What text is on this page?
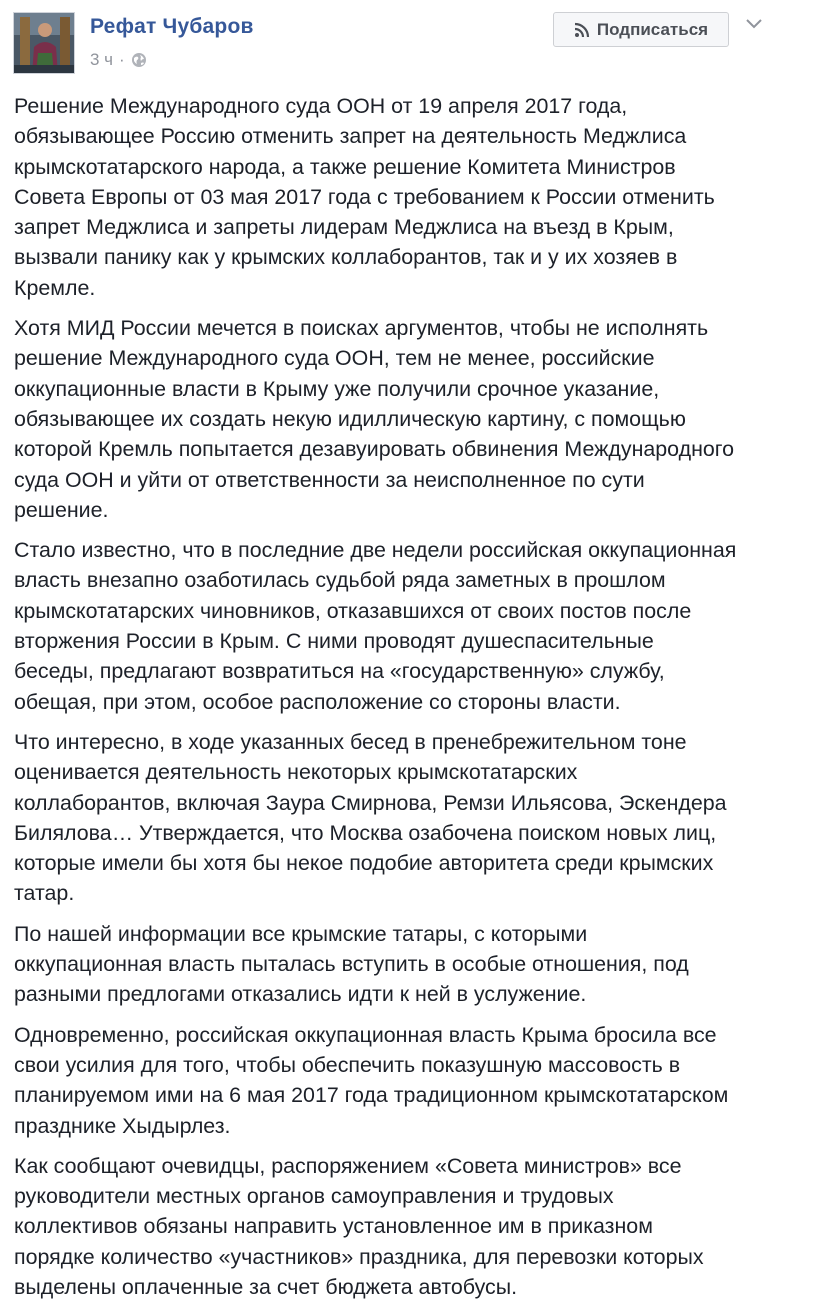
Рефат Чубаров
3 ч ·
Подписаться

Решение Международного суда ООН от 19 апреля 2017 года,
обязывающее Россию отменить запрет на деятельность Меджлиса
крымскотатарского народа, а также решение Комитета Министров
Совета Европы от 03 мая 2017 года с требованием к России отменить
запрет Меджлиса и запреты лидерам Меджлиса на въезд в Крым,
вызвали панику как у крымских коллаборантов, так и у их хозяев в
Кремле.

Хотя МИД России мечется в поисках аргументов, чтобы не исполнять
решение Международного суда ООН, тем не менее, российские
оккупационные власти в Крыму уже получили срочное указание,
обязывающее их создать некую идиллическую картину, с помощью
которой Кремль попытается дезавуировать обвинения Международного
суда ООН и уйти от ответственности за неисполненное по сути
решение.

Стало известно, что в последние две недели российская оккупационная
власть внезапно озаботилась судьбой ряда заметных в прошлом
крымскотатарских чиновников, отказавшихся от своих постов после
вторжения России в Крым. С ними проводят душеспасительные
беседы, предлагают возвратиться на «государственную» службу,
обещая, при этом, особое расположение со стороны власти.

Что интересно, в ходе указанных бесед в пренебрежительном тоне
оценивается деятельность некоторых крымскотатарских
коллаборантов, включая Заура Смирнова, Ремзи Ильясова, Эскендера
Билялова… Утверждается, что Москва озабочена поиском новых лиц,
которые имели бы хотя бы некое подобие авторитета среди крымских
татар.

По нашей информации все крымские татары, с которыми
оккупационная власть пыталась вступить в особые отношения, под
разными предлогами отказались идти к ней в услужение.

Одновременно, российская оккупационная власть Крыма бросила все
свои усилия для того, чтобы обеспечить показушную массовость в
планируемом ими на 6 мая 2017 года традиционном крымскотатарском
празднике Хыдырлез.

Как сообщают очевидцы, распоряжением «Совета министров» все
руководители местных органов самоуправления и трудовых
коллективов обязаны направить установленное им в приказном
порядке количество «участников» праздника, для перевозки которых
выделены оплаченные за счет бюджета автобусы.
